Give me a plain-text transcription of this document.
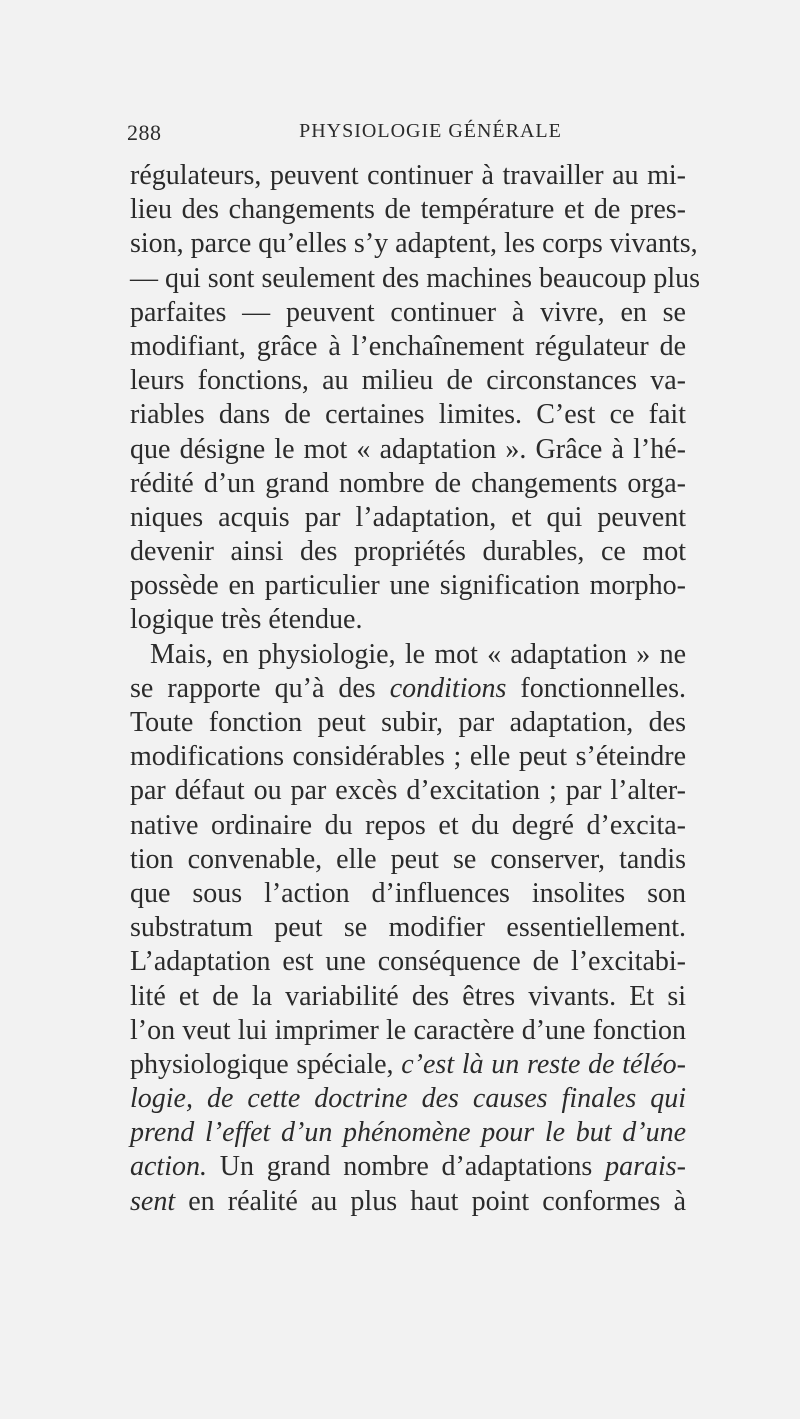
288	PHYSIOLOGIE GÉNÉRALE
régulateurs, peuvent continuer à travailler au mi-
lieu des changements de température et de pres-
sion, parce qu’elles s’y adaptent, les corps vivants,
— qui sont seulement des machines beaucoup plus
parfaites — peuvent continuer à vivre, en se
modifiant, grâce à l’enchaînement régulateur de
leurs fonctions, au milieu de circonstances va-
riables dans de certaines limites. C’est ce fait
que désigne le mot « adaptation ». Grâce à l’hé-
rédité d’un grand nombre de changements orga-
niques acquis par l’adaptation, et qui peuvent
devenir ainsi des propriétés durables, ce mot
possède en particulier une signification morpho-
logique très étendue.
Mais, en physiologie, le mot « adaptation » ne
se rapporte qu’à des conditions fonctionnelles.
Toute fonction peut subir, par adaptation, des
modifications considérables ; elle peut s’éteindre
par défaut ou par excès d’excitation ; par l’alter-
native ordinaire du repos et du degré d’excita-
tion convenable, elle peut se conserver, tandis
que sous l’action d’influences insolites son
substratum peut se modifier essentiellement.
L’adaptation est une conséquence de l’excitabi-
lité et de la variabilité des êtres vivants. Et si
l’on veut lui imprimer le caractère d’une fonction
physiologique spéciale, c’est là un reste de téléo-
logie, de cette doctrine des causes finales qui
prend l’effet d’un phénomène pour le but d’une
action. Un grand nombre d’adaptations parais-
sent en réalité au plus haut point conformes à
